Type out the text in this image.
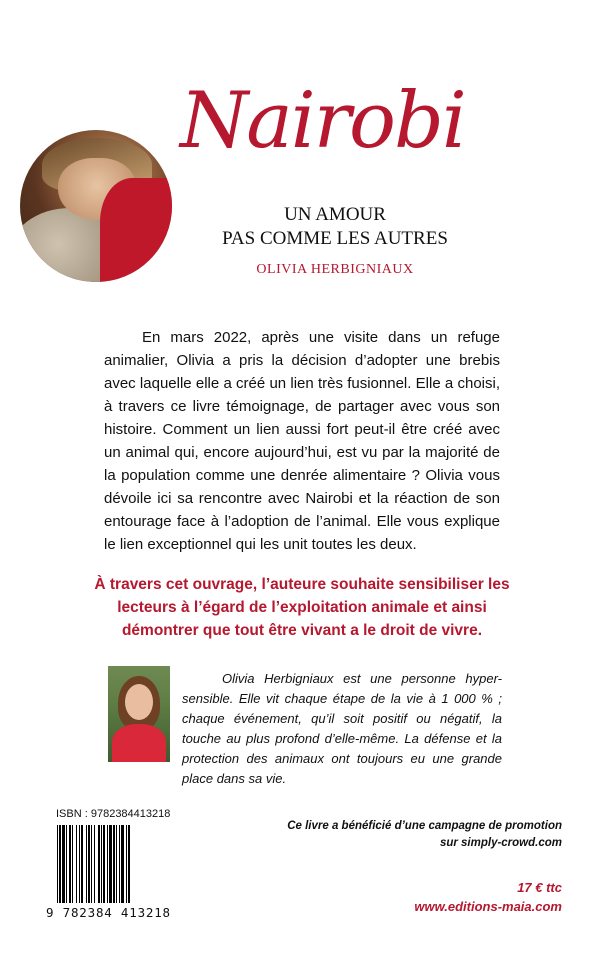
Nairobi
UN AMOUR
PAS COMME LES AUTRES
OLIVIA HERBIGNIAUX

En mars 2022, après une visite dans un refuge animalier, Olivia a pris la décision d’adopter une brebis avec laquelle elle a créé un lien très fusionnel. Elle a choisi, à travers ce livre témoignage, de partager avec vous son histoire. Comment un lien aussi fort peut-il être créé avec un animal qui, encore aujourd’hui, est vu par la majorité de la population comme une denrée alimentaire ? Olivia vous dévoile ici sa rencontre avec Nairobi et la réaction de son entourage face à l’adoption de l’animal. Elle vous explique le lien exceptionnel qui les unit toutes les deux.

À travers cet ouvrage, l’auteure souhaite sensibiliser les lecteurs à l’égard de l’exploitation animale et ainsi démontrer que tout être vivant a le droit de vivre.

Olivia Herbigniaux est une personne hyper-sensible. Elle vit chaque étape de la vie à 1 000 % ; chaque événement, qu’il soit positif ou négatif, la touche au plus profond d’elle-même. La défense et la protection des animaux ont toujours eu une grande place dans sa vie.

ISBN : 9782384413218
9 782384 413218
Ce livre a bénéficié d’une campagne de promotion
sur simply-crowd.com
17 € ttc
www.editions-maia.com
